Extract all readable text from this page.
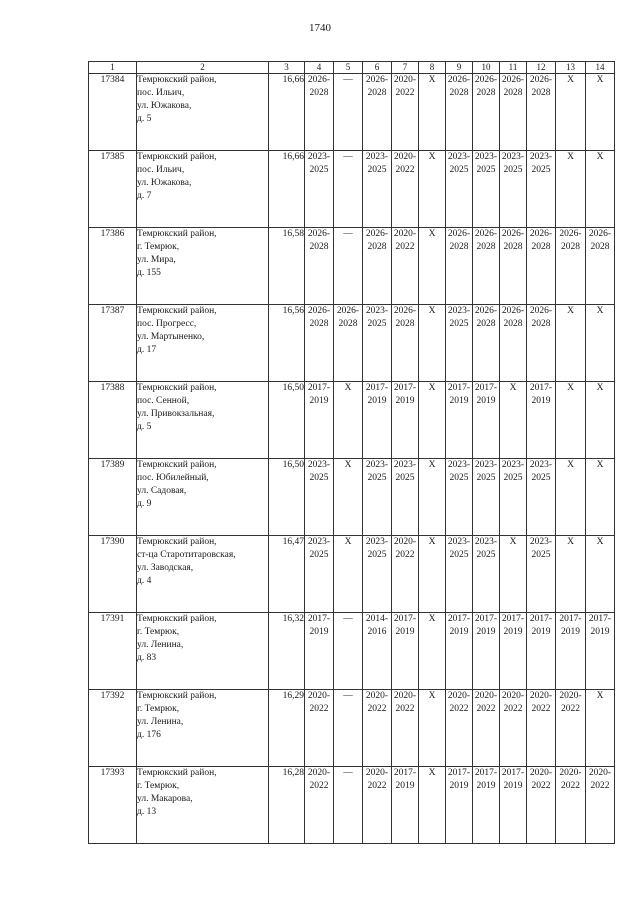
1740
1	2	3	4	5	6	7	8	9	10	11	12	13	14
17384	Темрюкский район,
пос. Ильич,
ул. Южакова,
д. 5	16,66	2026-
2028	—	2026-
2028	2020-
2022	X	2026-
2028	2026-
2028	2026-
2028	2026-
2028	X	X
17385	Темрюкский район,
пос. Ильич,
ул. Южакова,
д. 7	16,66	2023-
2025	—	2023-
2025	2020-
2022	X	2023-
2025	2023-
2025	2023-
2025	2023-
2025	X	X
17386	Темрюкский район,
г. Темрюк,
ул. Мира,
д. 155	16,58	2026-
2028	—	2026-
2028	2020-
2022	X	2026-
2028	2026-
2028	2026-
2028	2026-
2028	2026-
2028	2026-
2028
17387	Темрюкский район,
пос. Прогресс,
ул. Мартыненко,
д. 17	16,56	2026-
2028	2026-
2028	2023-
2025	2026-
2028	X	2023-
2025	2026-
2028	2026-
2028	2026-
2028	X	X
17388	Темрюкский район,
пос. Сенной,
ул. Привокзальная,
д. 5	16,50	2017-
2019	X	2017-
2019	2017-
2019	X	2017-
2019	2017-
2019	X	2017-
2019	X	X
17389	Темрюкский район,
пос. Юбилейный,
ул. Садовая,
д. 9	16,50	2023-
2025	X	2023-
2025	2023-
2025	X	2023-
2025	2023-
2025	2023-
2025	2023-
2025	X	X
17390	Темрюкский район,
ст-ца Старотитаровская,
ул. Заводская,
д. 4	16,47	2023-
2025	X	2023-
2025	2020-
2022	X	2023-
2025	2023-
2025	X	2023-
2025	X	X
17391	Темрюкский район,
г. Темрюк,
ул. Ленина,
д. 83	16,32	2017-
2019	—	2014-
2016	2017-
2019	X	2017-
2019	2017-
2019	2017-
2019	2017-
2019	2017-
2019	2017-
2019
17392	Темрюкский район,
г. Темрюк,
ул. Ленина,
д. 176	16,29	2020-
2022	—	2020-
2022	2020-
2022	X	2020-
2022	2020-
2022	2020-
2022	2020-
2022	2020-
2022	X
17393	Темрюкский район,
г. Темрюк,
ул. Макарова,
д. 13	16,28	2020-
2022	—	2020-
2022	2017-
2019	X	2017-
2019	2017-
2019	2017-
2019	2020-
2022	2020-
2022	2020-
2022
